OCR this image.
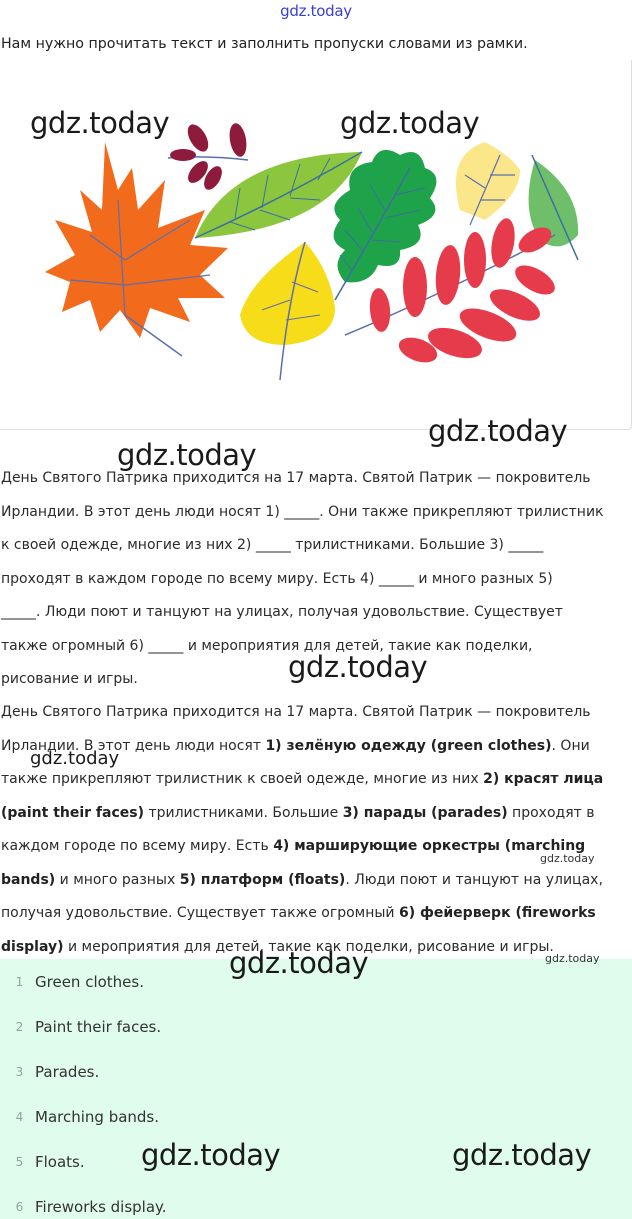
gdz.today
Нам нужно прочитать текст и заполнить пропуски словами из рамки.
День Святого Патрика приходится на 17 марта. Святой Патрик — покровитель
Ирландии. В этот день люди носят 1) _____. Они также прикрепляют трилистник
к своей одежде, многие из них 2) _____ трилистниками. Большие 3) _____
проходят в каждом городе по всему миру. Есть 4) _____ и много разных 5)
_____. Люди поют и танцуют на улицах, получая удовольствие. Существует
также огромный 6) _____ и мероприятия для детей, такие как поделки,
рисование и игры.
День Святого Патрика приходится на 17 марта. Святой Патрик — покровитель Ирландии. В этот день люди носят 1) зелёную одежду (green clothes). Они также прикрепляют трилистник к своей одежде, многие из них 2) красят лица (paint their faces) трилистниками. Большие 3) парады (parades) проходят в каждом городе по всему миру. Есть 4) марширующие оркестры (marching bands) и много разных 5) платформ (floats). Люди поют и танцуют на улицах, получая удовольствие. Существует также огромный 6) фейерверк (fireworks display) и мероприятия для детей, такие как поделки, рисование и игры.
1 Green clothes.
2 Paint their faces.
3 Parades.
4 Marching bands.
5 Floats.
6 Fireworks display.
gdz.today	gdz.today
gdz.today
gdz.today
gdz.today
gdz.today
gdz.today
gdz.today
gdz.today
gdz.today	gdz.today
